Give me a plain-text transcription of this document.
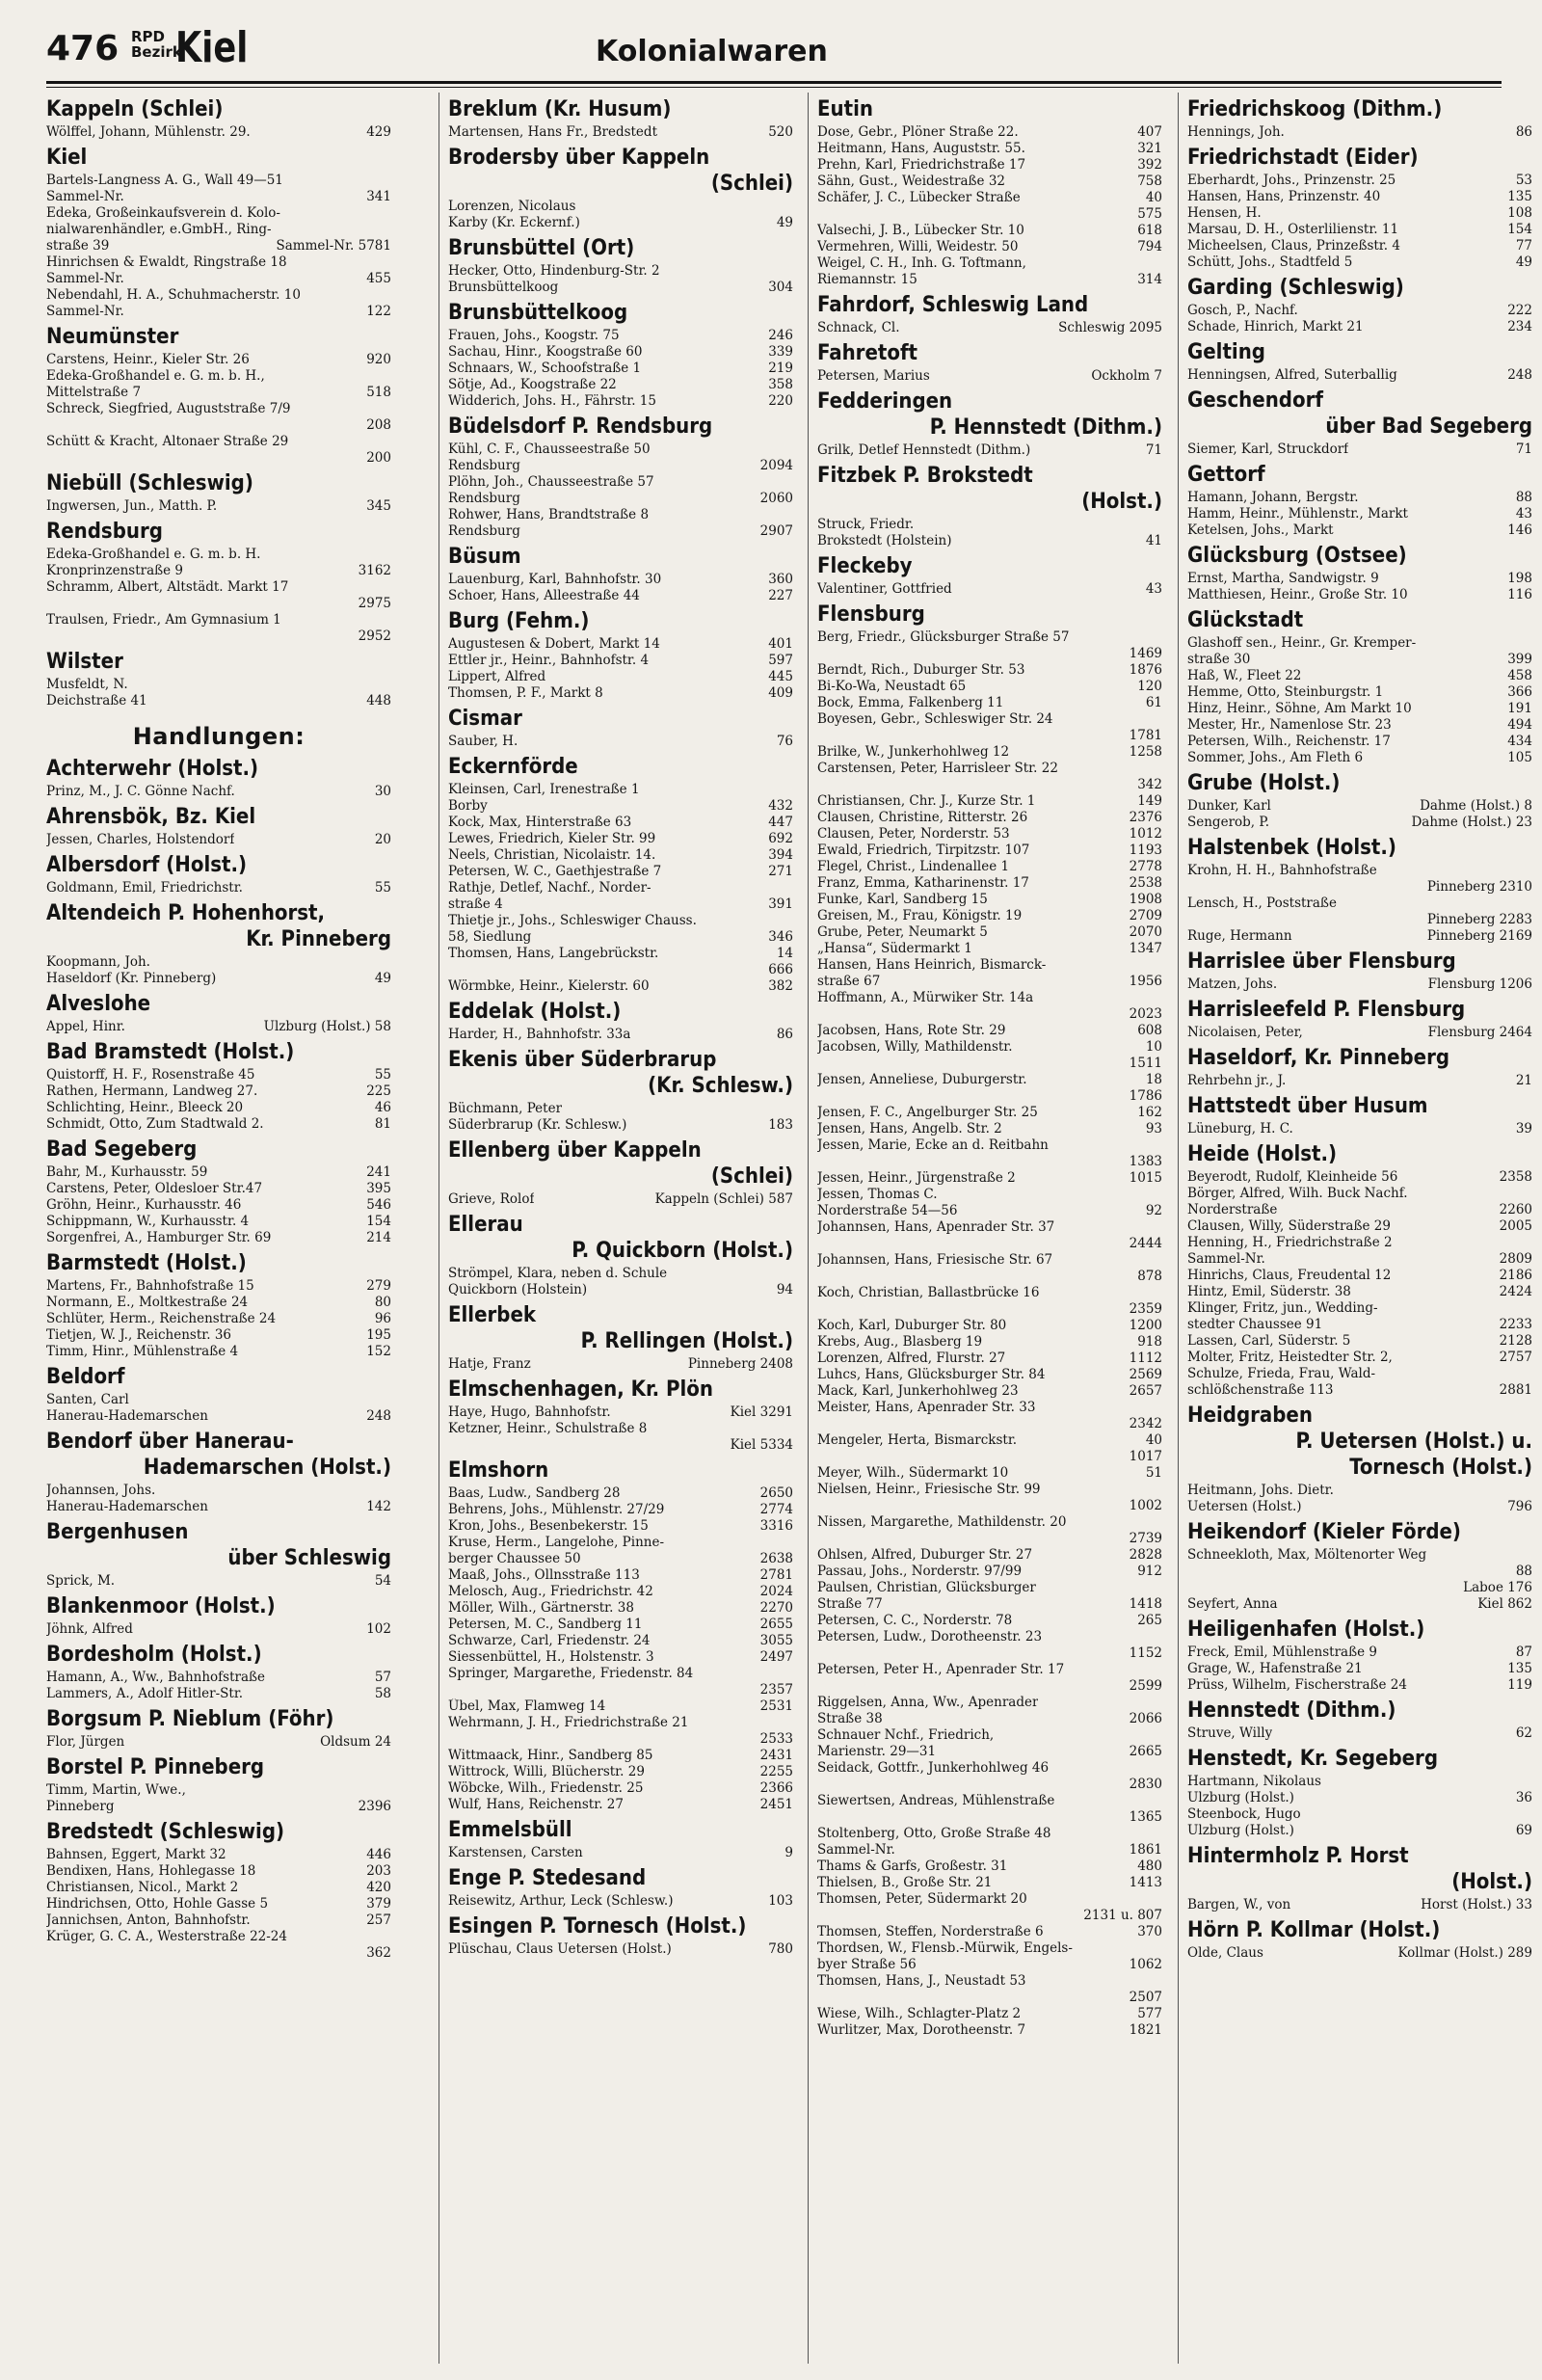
476 RPD
Bezirk
Kiel	Kolonialwaren
Kappeln (Schlei)
Wölffel, Johann, Mühlenstr. 29.	429
Kiel
Bartels-Langness A. G., Wall 49—51
Sammel-Nr.	341
Edeka, Großeinkaufsverein d. Kolo-
nialwarenhändler, e.GmbH., Ring-
straße 39	Sammel-Nr. 5781
Hinrichsen & Ewaldt, Ringstraße 18
Sammel-Nr.	455
Nebendahl, H. A., Schuhmacherstr. 10
Sammel-Nr.	122
Neumünster
Carstens, Heinr., Kieler Str. 26	920
Edeka-Großhandel e. G. m. b. H.,
Mittelstraße 7	518
Schreck, Siegfried, Auguststraße 7/9

208
Schütt & Kracht, Altonaer Straße 29

200
Niebüll (Schleswig)
Ingwersen, Jun., Matth. P.	345
Rendsburg
Edeka-Großhandel e. G. m. b. H.
Kronprinzenstraße 9	3162
Schramm, Albert, Altstädt. Markt 17

2975
Traulsen, Friedr., Am Gymnasium 1

2952
Wilster
Musfeldt, N.
Deichstraße 41	448
Handlungen:
Achterwehr (Holst.)
Prinz, M., J. C. Gönne Nachf.	30
Ahrensbök, Bz. Kiel
Jessen, Charles, Holstendorf	20
Albersdorf (Holst.)
Goldmann, Emil, Friedrichstr.	55
Altendeich P. Hohenhorst,
Kr. Pinneberg
Koopmann, Joh.
Haseldorf (Kr. Pinneberg)	49
Alveslohe
Appel, Hinr.	Ulzburg (Holst.) 58
Bad Bramstedt (Holst.)
Quistorff, H. F., Rosenstraße 45	55
Rathen, Hermann, Landweg 27.	225
Schlichting, Heinr., Bleeck 20	46
Schmidt, Otto, Zum Stadtwald 2.	81
Bad Segeberg
Bahr, M., Kurhausstr. 59	241
Carstens, Peter, Oldesloer Str.47	395
Gröhn, Heinr., Kurhausstr. 46	546
Schippmann, W., Kurhausstr. 4	154
Sorgenfrei, A., Hamburger Str. 69	214
Barmstedt (Holst.)
Martens, Fr., Bahnhofstraße 15	279
Normann, E., Moltkestraße 24	80
Schlüter, Herm., Reichenstraße 24	96
Tietjen, W. J., Reichenstr. 36	195
Timm, Hinr., Mühlenstraße 4	152
Beldorf
Santen, Carl
Hanerau-Hademarschen	248
Bendorf über Hanerau-
Hademarschen (Holst.)
Johannsen, Johs.
Hanerau-Hademarschen	142
Bergenhusen
über Schleswig
Sprick, M.	54
Blankenmoor (Holst.)
Jöhnk, Alfred	102
Bordesholm (Holst.)
Hamann, A., Ww., Bahnhofstraße	57
Lammers, A., Adolf Hitler-Str.	58
Borgsum P. Nieblum (Föhr)
Flor, Jürgen	Oldsum 24
Borstel P. Pinneberg
Timm, Martin, Wwe.,
Pinneberg	2396
Bredstedt (Schleswig)
Bahnsen, Eggert, Markt 32	446
Bendixen, Hans, Hohlegasse 18	203
Christiansen, Nicol., Markt 2	420
Hindrichsen, Otto, Hohle Gasse 5	379
Jannichsen, Anton, Bahnhofstr.	257
Krüger, G. C. A., Westerstraße 22-24

362
Breklum (Kr. Husum)
Martensen, Hans Fr., Bredstedt	520
Brodersby über Kappeln
(Schlei)
Lorenzen, Nicolaus
Karby (Kr. Eckernf.)	49
Brunsbüttel (Ort)
Hecker, Otto, Hindenburg-Str. 2
Brunsbüttelkoog	304
Brunsbüttelkoog
Frauen, Johs., Koogstr. 75	246
Sachau, Hinr., Koogstraße 60	339
Schnaars, W., Schoofstraße 1	219
Sötje, Ad., Koogstraße 22	358
Widderich, Johs. H., Fährstr. 15	220
Büdelsdorf P. Rendsburg
Kühl, C. F., Chausseestraße 50
Rendsburg	2094
Plöhn, Joh., Chausseestraße 57
Rendsburg	2060
Rohwer, Hans, Brandtstraße 8
Rendsburg	2907
Büsum
Lauenburg, Karl, Bahnhofstr. 30	360
Schoer, Hans, Alleestraße 44	227
Burg (Fehm.)
Augustesen & Dobert, Markt 14	401
Ettler jr., Heinr., Bahnhofstr. 4	597
Lippert, Alfred	445
Thomsen, P. F., Markt 8	409
Cismar
Sauber, H.	76
Eckernförde
Kleinsen, Carl, Irenestraße 1
Borby	432
Kock, Max, Hinterstraße 63	447
Lewes, Friedrich, Kieler Str. 99	692
Neels, Christian, Nicolaistr. 14.	394
Petersen, W. C., Gaethjestraße 7	271
Rathje, Detlef, Nachf., Norder-
straße 4	391
Thietje jr., Johs., Schleswiger Chauss.
58, Siedlung	346
Thomsen, Hans, Langebrückstr.	14

666
Wörmbke, Heinr., Kielerstr. 60	382
Eddelak (Holst.)
Harder, H., Bahnhofstr. 33a	86
Ekenis über Süderbrarup
(Kr. Schlesw.)
Büchmann, Peter
Süderbrarup (Kr. Schlesw.)	183
Ellenberg über Kappeln
(Schlei)
Grieve, Rolof	Kappeln (Schlei) 587
Ellerau
P. Quickborn (Holst.)
Strömpel, Klara, neben d. Schule
Quickborn (Holstein)	94
Ellerbek
P. Rellingen (Holst.)
Hatje, Franz	Pinneberg 2408
Elmschenhagen, Kr. Plön
Haye, Hugo, Bahnhofstr.	Kiel 3291
Ketzner, Heinr., Schulstraße 8

Kiel 5334
Elmshorn
Baas, Ludw., Sandberg 28	2650
Behrens, Johs., Mühlenstr. 27/29	2774
Kron, Johs., Besenbekerstr. 15	3316
Kruse, Herm., Langelohe, Pinne-
berger Chaussee 50	2638
Maaß, Johs., Ollnsstraße 113	2781
Melosch, Aug., Friedrichstr. 42	2024
Möller, Wilh., Gärtnerstr. 38	2270
Petersen, M. C., Sandberg 11	2655
Schwarze, Carl, Friedenstr. 24	3055
Siessenbüttel, H., Holstenstr. 3	2497
Springer, Margarethe, Friedenstr. 84

2357
Übel, Max, Flamweg 14	2531
Wehrmann, J. H., Friedrichstraße 21

2533
Wittmaack, Hinr., Sandberg 85	2431
Wittrock, Willi, Blücherstr. 29	2255
Wöbcke, Wilh., Friedenstr. 25	2366
Wulf, Hans, Reichenstr. 27	2451
Emmelsbüll
Karstensen, Carsten	9
Enge P. Stedesand
Reisewitz, Arthur, Leck (Schlesw.)	103
Esingen P. Tornesch (Holst.)
Plüschau, Claus Uetersen (Holst.)	780
Eutin
Dose, Gebr., Plöner Straße 22.	407
Heitmann, Hans, Auguststr. 55.	321
Prehn, Karl, Friedrichstraße 17	392
Sähn, Gust., Weidestraße 32	758
Schäfer, J. C., Lübecker Straße	40

575
Valsechi, J. B., Lübecker Str. 10	618
Vermehren, Willi, Weidestr. 50	794
Weigel, C. H., Inh. G. Toftmann,
Riemannstr. 15	314
Fahrdorf, Schleswig Land
Schnack, Cl.	Schleswig 2095
Fahretoft
Petersen, Marius	Ockholm 7
Fedderingen
P. Hennstedt (Dithm.)
Grilk, Detlef Hennstedt (Dithm.)	71
Fitzbek P. Brokstedt
(Holst.)
Struck, Friedr.
Brokstedt (Holstein)	41
Fleckeby
Valentiner, Gottfried	43
Flensburg
Berg, Friedr., Glücksburger Straße 57

1469
Berndt, Rich., Duburger Str. 53	1876
Bi-Ko-Wa, Neustadt 65	120
Bock, Emma, Falkenberg 11	61
Boyesen, Gebr., Schleswiger Str. 24

1781
Brilke, W., Junkerhohlweg 12	1258
Carstensen, Peter, Harrisleer Str. 22

342
Christiansen, Chr. J., Kurze Str. 1	149
Clausen, Christine, Ritterstr. 26	2376
Clausen, Peter, Norderstr. 53	1012
Ewald, Friedrich, Tirpitzstr. 107	1193
Flegel, Christ., Lindenallee 1	2778
Franz, Emma, Katharinenstr. 17	2538
Funke, Karl, Sandberg 15	1908
Greisen, M., Frau, Königstr. 19	2709
Grube, Peter, Neumarkt 5	2070
„Hansa“, Südermarkt 1	1347
Hansen, Hans Heinrich, Bismarck-
straße 67	1956
Hoffmann, A., Mürwiker Str. 14a

2023
Jacobsen, Hans, Rote Str. 29	608
Jacobsen, Willy, Mathildenstr.	10

1511
Jensen, Anneliese, Duburgerstr.	18

1786
Jensen, F. C., Angelburger Str. 25	162
Jensen, Hans, Angelb. Str. 2	93
Jessen, Marie, Ecke an d. Reitbahn

1383
Jessen, Heinr., Jürgenstraße 2	1015
Jessen, Thomas C.
Norderstraße 54—56	92
Johannsen, Hans, Apenrader Str. 37

2444
Johannsen, Hans, Friesische Str. 67

878
Koch, Christian, Ballastbrücke 16

2359
Koch, Karl, Duburger Str. 80	1200
Krebs, Aug., Blasberg 19	918
Lorenzen, Alfred, Flurstr. 27	1112
Luhcs, Hans, Glücksburger Str. 84	2569
Mack, Karl, Junkerhohlweg 23	2657
Meister, Hans, Apenrader Str. 33

2342
Mengeler, Herta, Bismarckstr.	40

1017
Meyer, Wilh., Südermarkt 10	51
Nielsen, Heinr., Friesische Str. 99

1002
Nissen, Margarethe, Mathildenstr. 20

2739
Ohlsen, Alfred, Duburger Str. 27	2828
Passau, Johs., Norderstr. 97/99	912
Paulsen, Christian, Glücksburger
Straße 77	1418
Petersen, C. C., Norderstr. 78	265
Petersen, Ludw., Dorotheenstr. 23

1152
Petersen, Peter H., Apenrader Str. 17

2599
Riggelsen, Anna, Ww., Apenrader
Straße 38	2066
Schnauer Nchf., Friedrich,
Marienstr. 29—31	2665
Seidack, Gottfr., Junkerhohlweg 46

2830
Siewertsen, Andreas, Mühlenstraße

1365
Stoltenberg, Otto, Große Straße 48
Sammel-Nr.	1861
Thams & Garfs, Großestr. 31	480
Thielsen, B., Große Str. 21	1413
Thomsen, Peter, Südermarkt 20

2131 u. 807
Thomsen, Steffen, Norderstraße 6	370
Thordsen, W., Flensb.-Mürwik, Engels-
byer Straße 56	1062
Thomsen, Hans, J., Neustadt 53

2507
Wiese, Wilh., Schlagter-Platz 2	577
Wurlitzer, Max, Dorotheenstr. 7	1821
Friedrichskoog (Dithm.)
Hennings, Joh.	86
Friedrichstadt (Eider)
Eberhardt, Johs., Prinzenstr. 25	53
Hansen, Hans, Prinzenstr. 40	135
Hensen, H.	108
Marsau, D. H., Osterlilienstr. 11	154
Micheelsen, Claus, Prinzeßstr. 4	77
Schütt, Johs., Stadtfeld 5	49
Garding (Schleswig)
Gosch, P., Nachf.	222
Schade, Hinrich, Markt 21	234
Gelting
Henningsen, Alfred, Suterballig	248
Geschendorf
über Bad Segeberg
Siemer, Karl, Struckdorf	71
Gettorf
Hamann, Johann, Bergstr.	88
Hamm, Heinr., Mühlenstr., Markt	43
Ketelsen, Johs., Markt	146
Glücksburg (Ostsee)
Ernst, Martha, Sandwigstr. 9	198
Matthiesen, Heinr., Große Str. 10	116
Glückstadt
Glashoff sen., Heinr., Gr. Kremper-
straße 30	399
Haß, W., Fleet 22	458
Hemme, Otto, Steinburgstr. 1	366
Hinz, Heinr., Söhne, Am Markt 10	191
Mester, Hr., Namenlose Str. 23	494
Petersen, Wilh., Reichenstr. 17	434
Sommer, Johs., Am Fleth 6	105
Grube (Holst.)
Dunker, Karl	Dahme (Holst.) 8
Sengerob, P.	Dahme (Holst.) 23
Halstenbek (Holst.)
Krohn, H. H., Bahnhofstraße

Pinneberg 2310
Lensch, H., Poststraße

Pinneberg 2283
Ruge, Hermann	Pinneberg 2169
Harrislee über Flensburg
Matzen, Johs.	Flensburg 1206
Harrisleefeld P. Flensburg
Nicolaisen, Peter,	Flensburg 2464
Haseldorf, Kr. Pinneberg
Rehrbehn jr., J.	21
Hattstedt über Husum
Lüneburg, H. C.	39
Heide (Holst.)
Beyerodt, Rudolf, Kleinheide 56	2358
Börger, Alfred, Wilh. Buck Nachf.
Norderstraße	2260
Clausen, Willy, Süderstraße 29	2005
Henning, H., Friedrichstraße 2
Sammel-Nr.	2809
Hinrichs, Claus, Freudental 12	2186
Hintz, Emil, Süderstr. 38	2424
Klinger, Fritz, jun., Wedding-
stedter Chaussee 91	2233
Lassen, Carl, Süderstr. 5	2128
Molter, Fritz, Heistedter Str. 2,	2757
Schulze, Frieda, Frau, Wald-
schlößchenstraße 113	2881
Heidgraben
P. Uetersen (Holst.) u.
Tornesch (Holst.)
Heitmann, Johs. Dietr.
Uetersen (Holst.)	796
Heikendorf (Kieler Förde)
Schneekloth, Max, Möltenorter Weg

88

Laboe 176
Seyfert, Anna	Kiel 862
Heiligenhafen (Holst.)
Freck, Emil, Mühlenstraße 9	87
Grage, W., Hafenstraße 21	135
Prüss, Wilhelm, Fischerstraße 24	119
Hennstedt (Dithm.)
Struve, Willy	62
Henstedt, Kr. Segeberg
Hartmann, Nikolaus
Ulzburg (Holst.)	36
Steenbock, Hugo
Ulzburg (Holst.)	69
Hintermholz P. Horst
(Holst.)
Bargen, W., von	Horst (Holst.) 33
Hörn P. Kollmar (Holst.)
Olde, Claus	Kollmar (Holst.) 289
